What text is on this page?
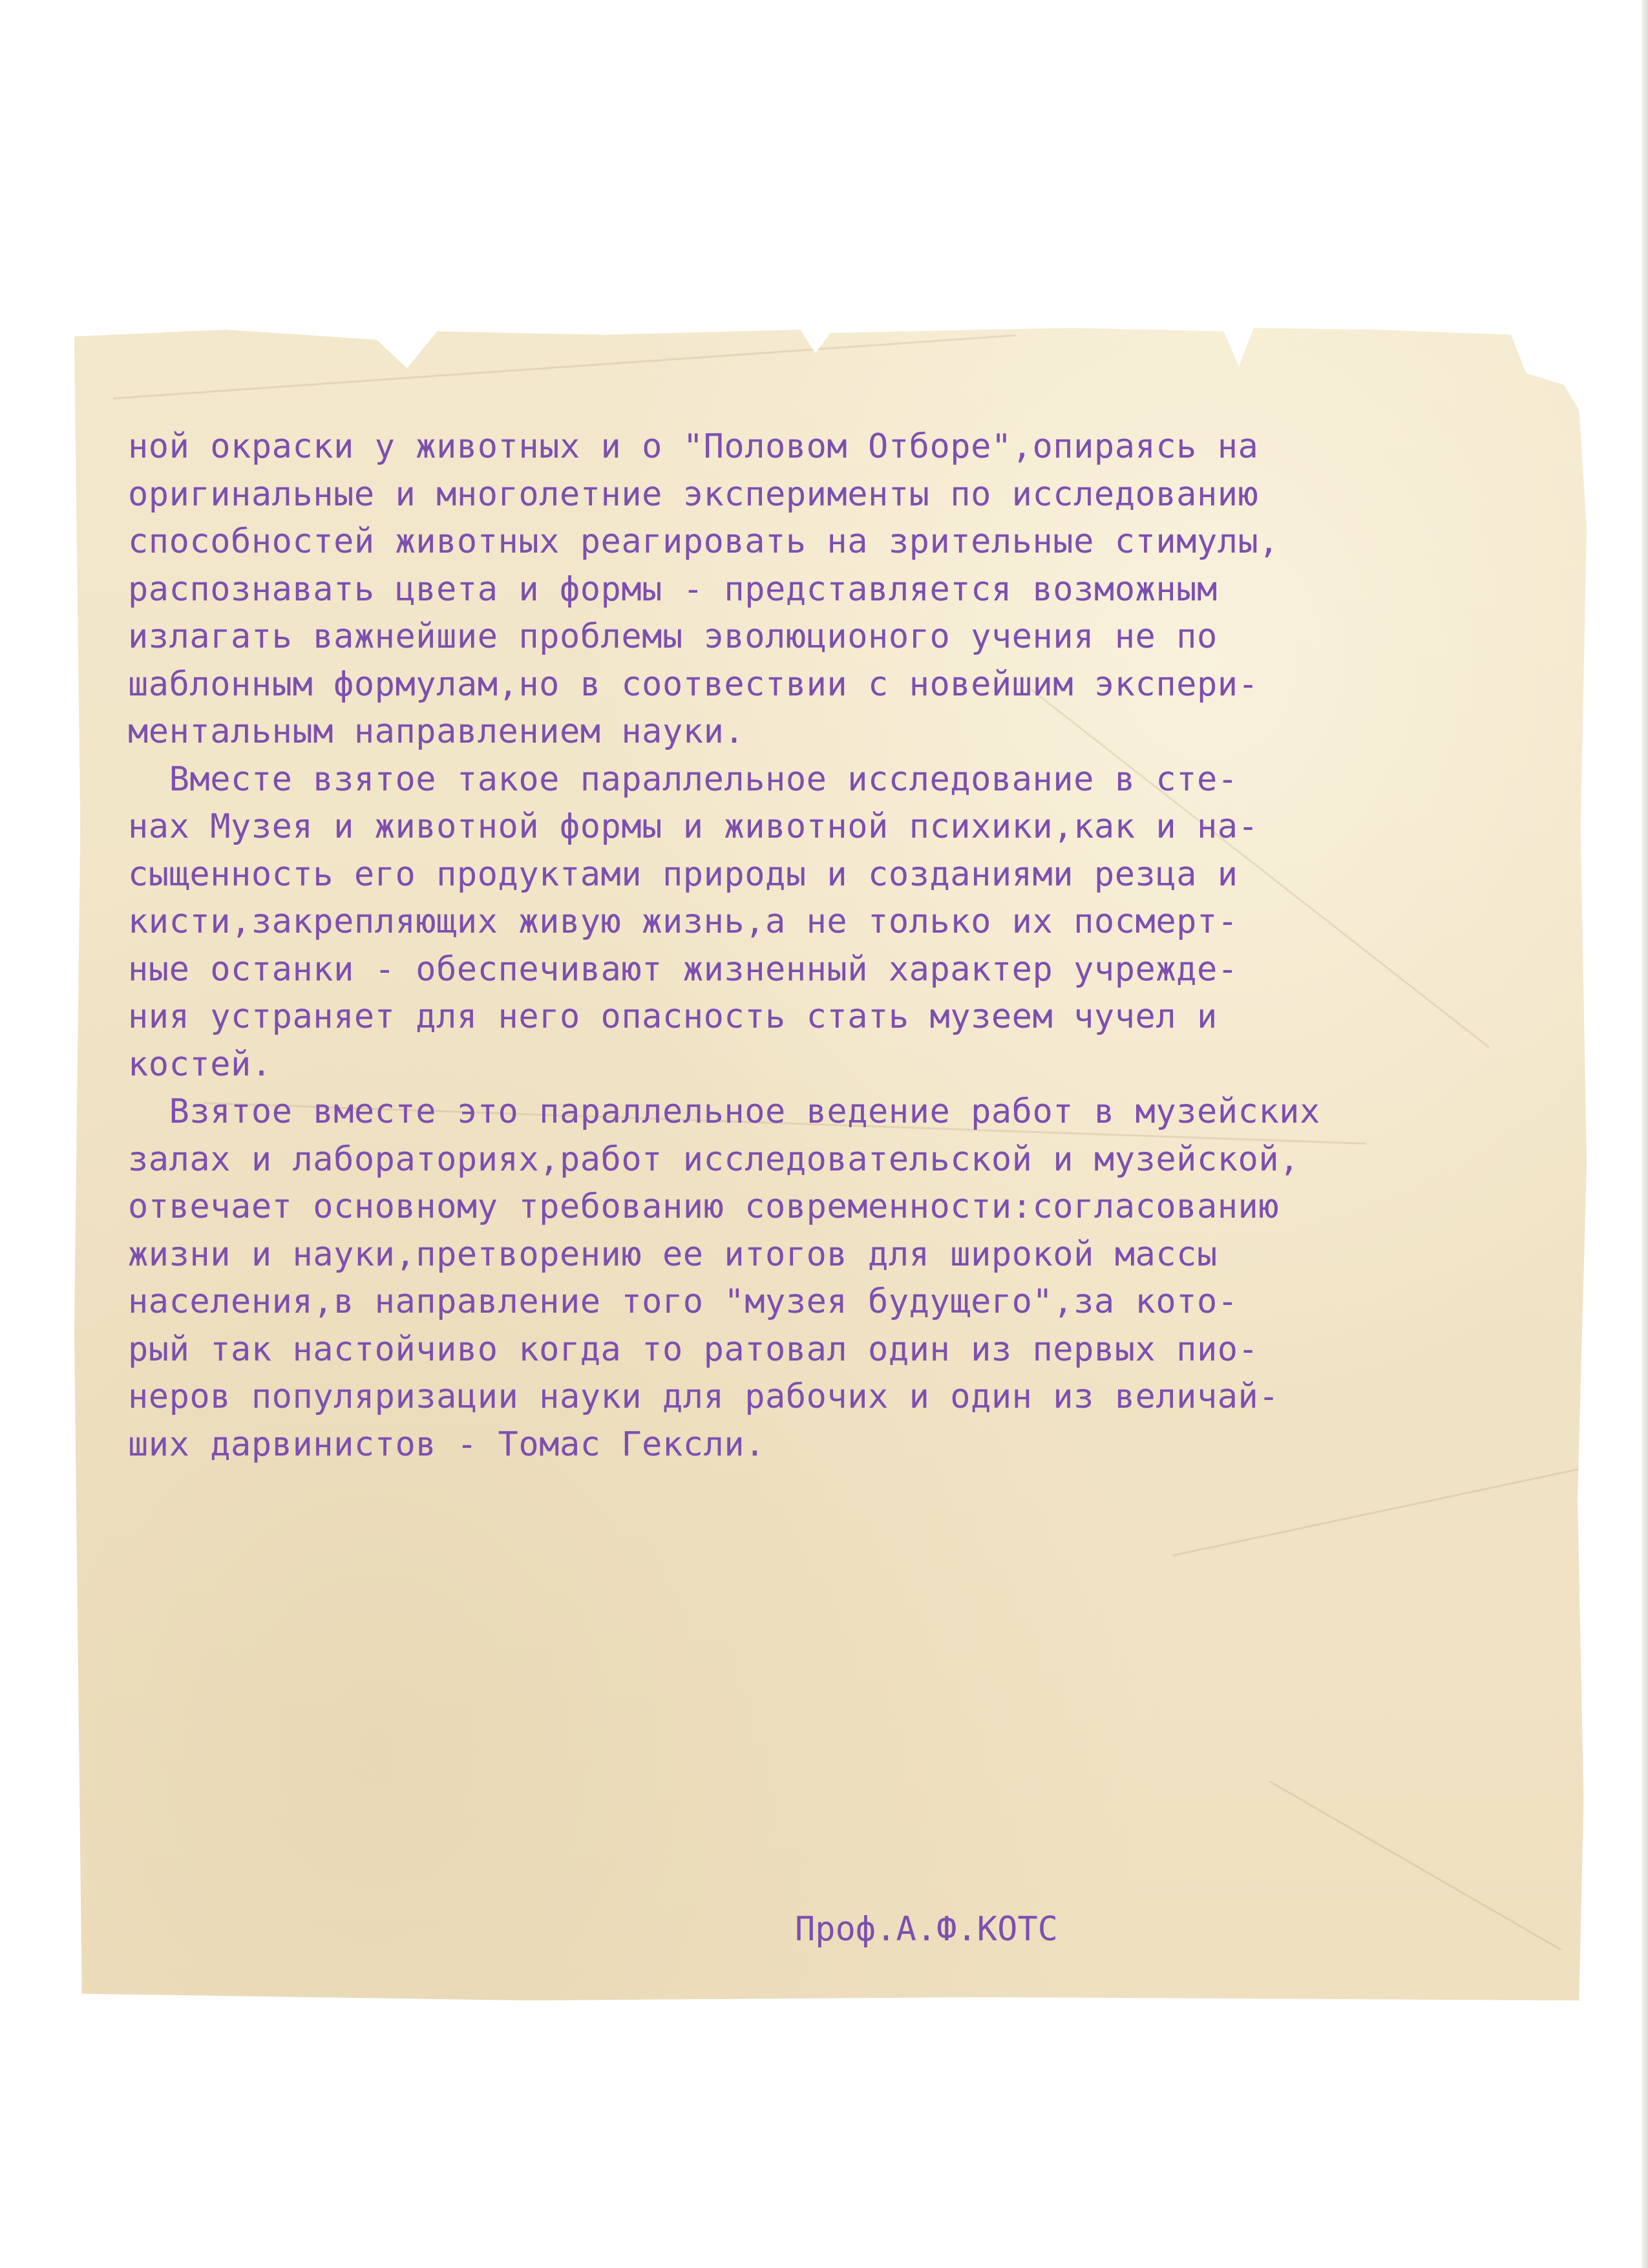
ной окраски у животных и о "Половом Отборе",опираясь на
оригинальные и многолетние эксперименты по исследованию
способностей животных реагировать на зрительные стимулы,
распознавать цвета и формы - представляется возможным
излагать важнейшие проблемы эволюционого учения не по
шаблонным формулам,но в соотвествии с новейшим экспери-
ментальным направлением науки.
Вместе взятое такое параллельное исследование в сте-
нах Музея и животной формы и животной психики,как и на-
сыщенность его продуктами природы и созданиями резца и
кисти,закрепляющих живую жизнь,а не только их посмерт-
ные останки - обеспечивают жизненный характер учрежде-
ния устраняет для него опасность стать музеем чучел и
костей.
Взятое вместе это параллельное ведение работ в музейских
залах и лабораториях,работ исследовательской и музейской,
отвечает основному требованию современности:согласованию
жизни и науки,претворению ее итогов для широкой массы
населения,в направление того "музея будущего",за кото-
рый так настойчиво когда то ратовал один из первых пио-
неров популяризации науки для рабочих и один из величай-
ших дарвинистов - Томас Гексли.
Проф.А.Ф.КОТС
